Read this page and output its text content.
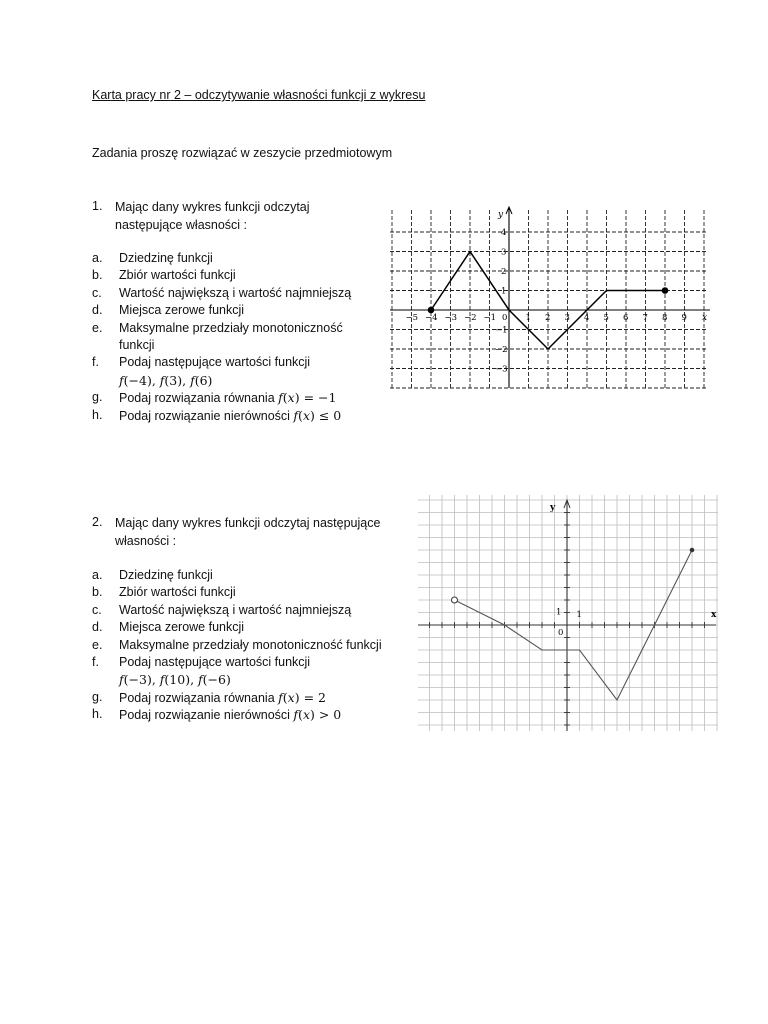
Karta pracy nr 2 – odczytywanie własności funkcji z wykresu
Zadania proszę rozwiązać w zeszycie przedmiotowym
1. Mając dany wykres funkcji odczytaj
następujące własności :
a. Dziedzinę funkcji
b. Zbiór wartości funkcji
c. Wartość największą i wartość najmniejszą
d. Miejsca zerowe funkcji
e. Maksymalne przedziały monotoniczność
funkcji
f. Podaj następujące wartości funkcji
f(−4), f(3), f(6)
g. Podaj rozwiązania równania f(x) = −1
h. Podaj rozwiązanie nierówności f(x) ≤ 0
2. Mając dany wykres funkcji odczytaj następujące
własności :
a. Dziedzinę funkcji
b. Zbiór wartości funkcji
c. Wartość największą i wartość najmniejszą
d. Miejsca zerowe funkcji
e. Maksymalne przedziały monotoniczność funkcji
f. Podaj następujące wartości funkcji
f(−3), f(10), f(−6)
g. Podaj rozwiązania równania f(x) = 2
h. Podaj rozwiązanie nierówności f(x) > 0
y
x
−5 −4 −3 −2 −1 0 1 2 3 4 5 6 7 8 9
4
3
2
1
−1
−2
−3
y
x
0
1
1
